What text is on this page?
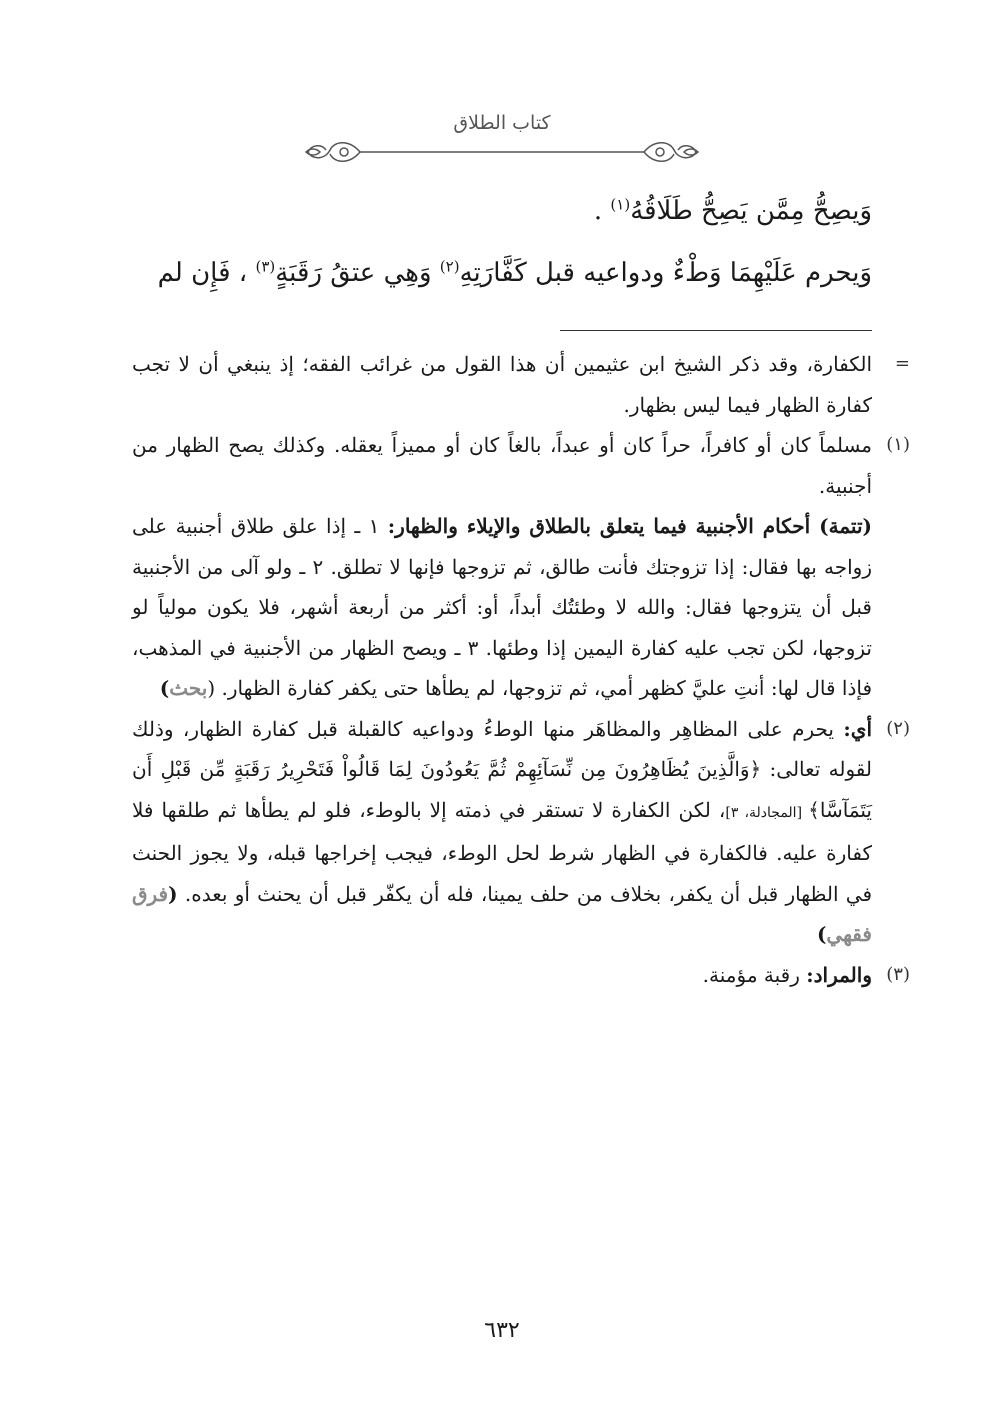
كتاب الطلاق

وَيصِحُّ مِمَّن يَصِحُّ طَلَاقُهُ$^{(١)}$ .

وَيحرم عَلَيْهِمَا وَطْءٌ ودواعيه قبل كَفَّارَتِهِ$^{(٢)}$ وَهِي عتقُ رَقَبَةٍ$^{(٣)}$ ، فَإِن لم

=
الكفارة، وقد ذكر الشيخ ابن عثيمين أن هذا القول من غرائب الفقه؛ إذ ينبغي أن لا تجب كفارة الظهار فيما ليس بظهار.

(١)
مسلماً كان أو كافراً، حراً كان أو عبداً، بالغاً كان أو مميزاً يعقله. وكذلك يصح الظهار من أجنبية.

(تتمة) أحكام الأجنبية فيما يتعلق بالطلاق والإيلاء والظهار: ١ ـ إذا علق طلاق أجنبية على زواجه بها فقال: إذا تزوجتك فأنت طالق، ثم تزوجها فإنها لا تطلق. ٢ ـ ولو آلى من الأجنبية قبل أن يتزوجها فقال: والله لا وطئتُك أبداً، أو: أكثر من أربعة أشهر، فلا يكون مولياً لو تزوجها، لكن تجب عليه كفارة اليمين إذا وطئها. ٣ ـ ويصح الظهار من الأجنبية في المذهب، فإذا قال لها: أنتِ عليَّ كظهر أمي، ثم تزوجها، لم يطأها حتى يكفر كفارة الظهار. (بحث)

(٢)
أي: يحرم على المظاهِر والمظاهَر منها الوطءُ ودواعيه كالقبلة قبل كفارة الظهار، وذلك لقوله تعالى: ﴿وَالَّذِينَ يُظَاهِرُونَ مِن نِّسَآئِهِمْ ثُمَّ يَعُودُونَ لِمَا قَالُواْ فَتَحْرِيرُ رَقَبَةٍ مِّن قَبْلِ أَن يَتَمَآسَّا﴾ [المجادلة، ٣]، لكن الكفارة لا تستقر في ذمته إلا بالوطء، فلو لم يطأها ثم طلقها فلا كفارة عليه. فالكفارة في الظهار شرط لحل الوطء، فيجب إخراجها قبله، ولا يجوز الحنث في الظهار قبل أن يكفر، بخلاف من حلف يمينا، فله أن يكفّر قبل أن يحنث أو بعده. (فرق فقهي)

(٣)
والمراد: رقبة مؤمنة.

٦٣٢
